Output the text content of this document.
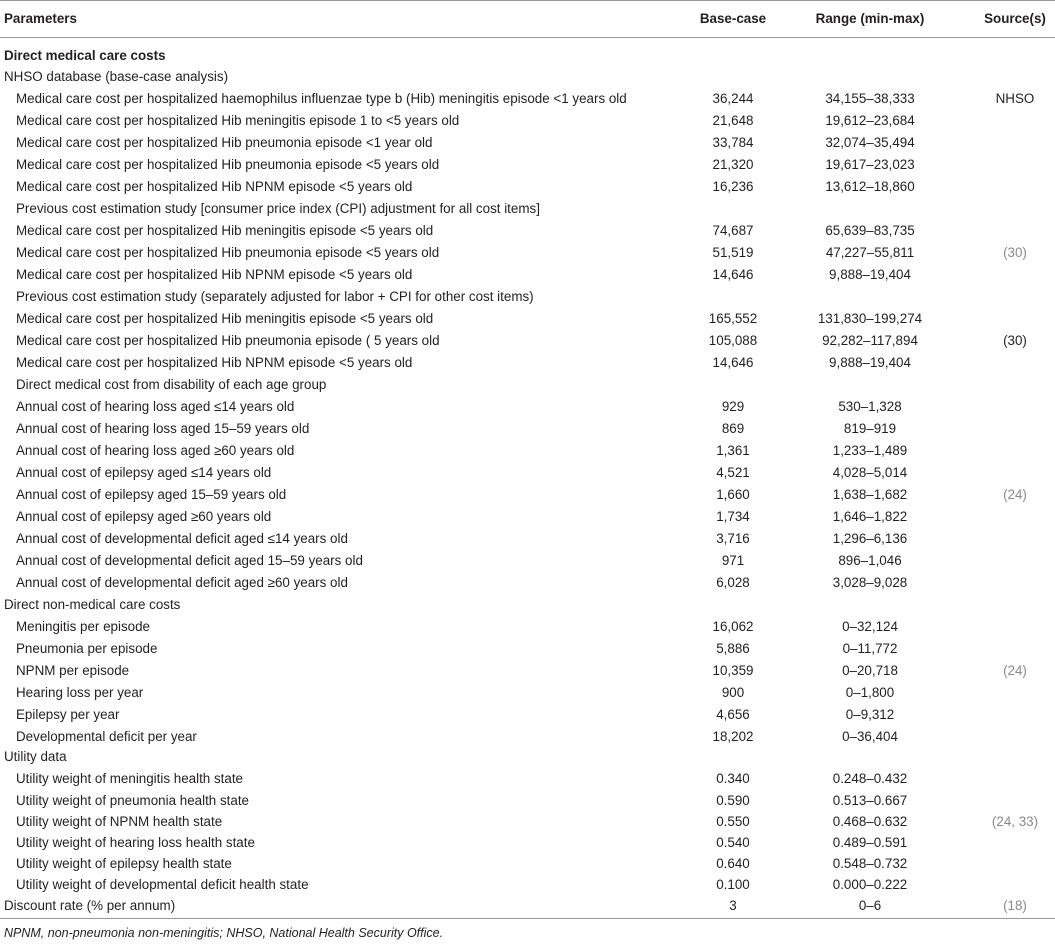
Parameters	Base-case	Range (min-max)	Source(s)
Direct medical care costs
NHSO database (base-case analysis)
Medical care cost per hospitalized haemophilus influenzae type b (Hib) meningitis episode <1 years old	36,244	34,155–38,333	NHSO
Medical care cost per hospitalized Hib meningitis episode 1 to <5 years old	21,648	19,612–23,684
Medical care cost per hospitalized Hib pneumonia episode <1 year old	33,784	32,074–35,494
Medical care cost per hospitalized Hib pneumonia episode <5 years old	21,320	19,617–23,023
Medical care cost per hospitalized Hib NPNM episode <5 years old	16,236	13,612–18,860
Previous cost estimation study [consumer price index (CPI) adjustment for all cost items]
Medical care cost per hospitalized Hib meningitis episode <5 years old	74,687	65,639–83,735
Medical care cost per hospitalized Hib pneumonia episode <5 years old	51,519	47,227–55,811	(30)
Medical care cost per hospitalized Hib NPNM episode <5 years old	14,646	9,888–19,404
Previous cost estimation study (separately adjusted for labor + CPI for other cost items)
Medical care cost per hospitalized Hib meningitis episode <5 years old	165,552	131,830–199,274
Medical care cost per hospitalized Hib pneumonia episode ( 5 years old	105,088	92,282–117,894	(30)
Medical care cost per hospitalized Hib NPNM episode <5 years old	14,646	9,888–19,404
Direct medical cost from disability of each age group
Annual cost of hearing loss aged ≤14 years old	929	530–1,328
Annual cost of hearing loss aged 15–59 years old	869	819–919
Annual cost of hearing loss aged ≥60 years old	1,361	1,233–1,489
Annual cost of epilepsy aged ≤14 years old	4,521	4,028–5,014
Annual cost of epilepsy aged 15–59 years old	1,660	1,638–1,682	(24)
Annual cost of epilepsy aged ≥60 years old	1,734	1,646–1,822
Annual cost of developmental deficit aged ≤14 years old	3,716	1,296–6,136
Annual cost of developmental deficit aged 15–59 years old	971	896–1,046
Annual cost of developmental deficit aged ≥60 years old	6,028	3,028–9,028
Direct non-medical care costs
Meningitis per episode	16,062	0–32,124
Pneumonia per episode	5,886	0–11,772
NPNM per episode	10,359	0–20,718	(24)
Hearing loss per year	900	0–1,800
Epilepsy per year	4,656	0–9,312
Developmental deficit per year	18,202	0–36,404
Utility data
Utility weight of meningitis health state	0.340	0.248–0.432
Utility weight of pneumonia health state	0.590	0.513–0.667
Utility weight of NPNM health state	0.550	0.468–0.632	(24, 33)
Utility weight of hearing loss health state	0.540	0.489–0.591
Utility weight of epilepsy health state	0.640	0.548–0.732
Utility weight of developmental deficit health state	0.100	0.000–0.222
Discount rate (% per annum)	3	0–6	(18)
NPNM, non-pneumonia non-meningitis; NHSO, National Health Security Office.
